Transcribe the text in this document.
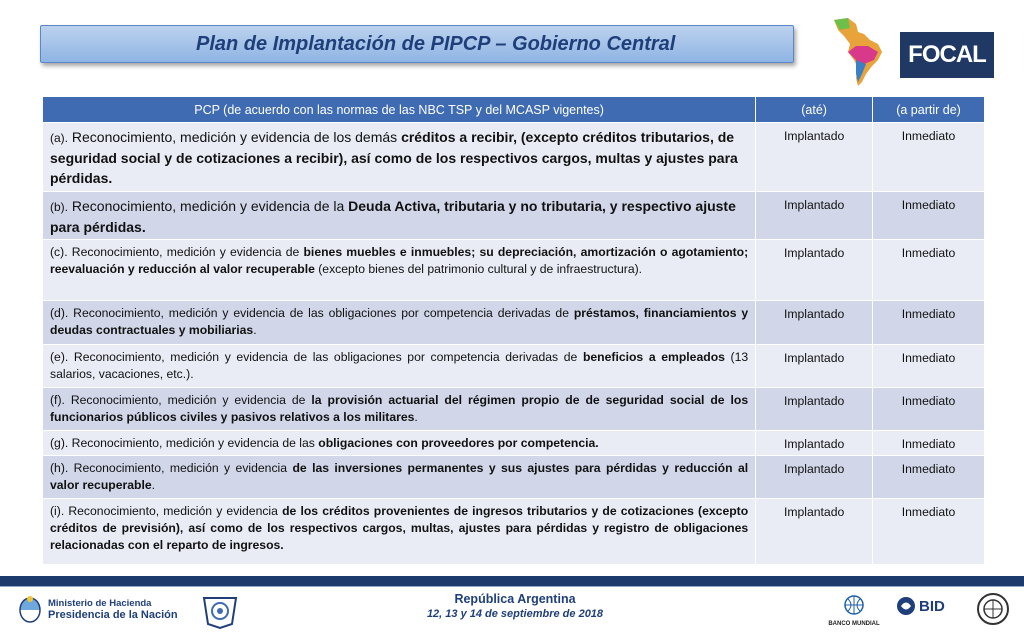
Plan de Implantación de PIPCP – Gobierno Central	FOCAL
PCP (de acuerdo con las normas de las NBC TSP y del MCASP vigentes)	(até)	(a partir de)
(a). Reconocimiento, medición y evidencia de los demás créditos a recibir, (excepto créditos tributarios, de seguridad social y de cotizaciones a recibir), así como de los respectivos cargos, multas y ajustes para pérdidas.	Implantado	Inmediato
(b). Reconocimiento, medición y evidencia de la Deuda Activa, tributaria y no tributaria, y respectivo ajuste para pérdidas.	Implantado	Inmediato
(c). Reconocimiento, medición y evidencia de bienes muebles e inmuebles; su depreciación, amortización o agotamiento; reevaluación y reducción al valor recuperable (excepto bienes del patrimonio cultural y de infraestructura).	Implantado	Inmediato
(d). Reconocimiento, medición y evidencia de las obligaciones por competencia derivadas de préstamos, financiamientos y deudas contractuales y mobiliarias.	Implantado	Inmediato
(e). Reconocimiento, medición y evidencia de las obligaciones por competencia derivadas de beneficios a empleados (13 salarios, vacaciones, etc.).	Implantado	Inmediato
(f). Reconocimiento, medición y evidencia de la provisión actuarial del régimen propio de de seguridad social de los funcionarios públicos civiles y pasivos relativos a los militares.	Implantado	Inmediato
(g). Reconocimiento, medición y evidencia de las obligaciones con proveedores por competencia.	Implantado	Inmediato
(h). Reconocimiento, medición y evidencia de las inversiones permanentes y sus ajustes para pérdidas y reducción al valor recuperable.	Implantado	Inmediato
(i). Reconocimiento, medición y evidencia de los créditos provenientes de ingresos tributarios y de cotizaciones (excepto créditos de previsión), así como de los respectivos cargos, multas, ajustes para pérdidas y registro de obligaciones relacionadas con el reparto de ingresos.	Implantado	Inmediato
Ministerio de Hacienda
Presidencia de la Nación
República Argentina
12, 13 y 14 de septiembre de 2018
BANCO MUNDIAL
BID
